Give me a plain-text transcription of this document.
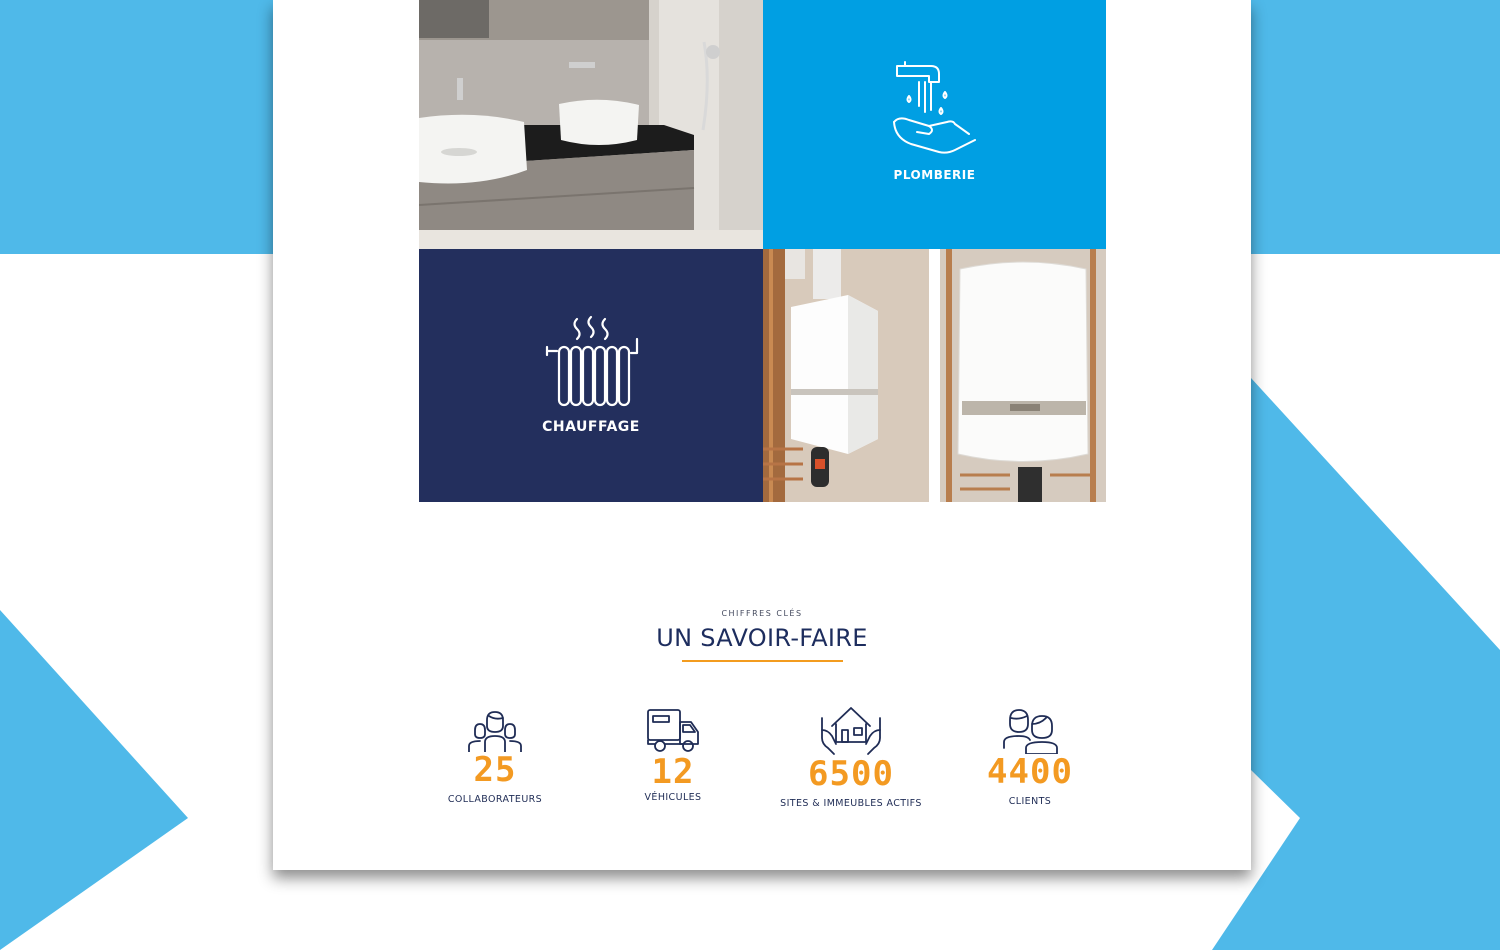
PLOMBERIE
CHAUFFAGE
CHIFFRES CLÉS
UN SAVOIR-FAIRE
25
COLLABORATEURS
12
VÉHICULES
6500
SITES & IMMEUBLES ACTIFS
4400
CLIENTS
